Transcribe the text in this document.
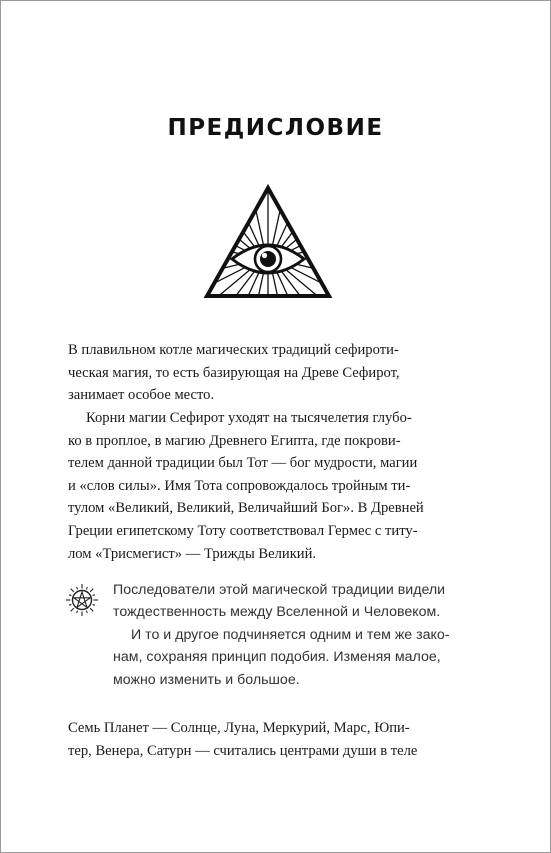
ПРЕДИСЛОВИЕ

В плавильном котле магических традиций сефироти-
ческая магия, то есть базирующая на Древе Сефирот,
занимает особое место.

Корни магии Сефирот уходят на тысячелетия глубо-
ко в проплое, в магию Древнего Египта, где покрови-
телем данной традиции был Тот — бог мудрости, магии
и «слов силы». Имя Тота сопровождалось тройным ти-
тулом «Великий, Великий, Величайший Бог». В Древней
Греции египетскому Тоту соответствовал Гермес с титу-
лом «Трисмегист» — Трижды Великий.

Последователи этой магической традиции видели
тождественность между Вселенной и Человеком.
И то и другое подчиняется одним и тем же зако-
нам, сохраняя принцип подобия. Изменяя малое,
можно изменить и большое.

Семь Планет — Солнце, Луна, Меркурий, Марс, Юпи-
тер, Венера, Сатурн — считались центрами души в теле
